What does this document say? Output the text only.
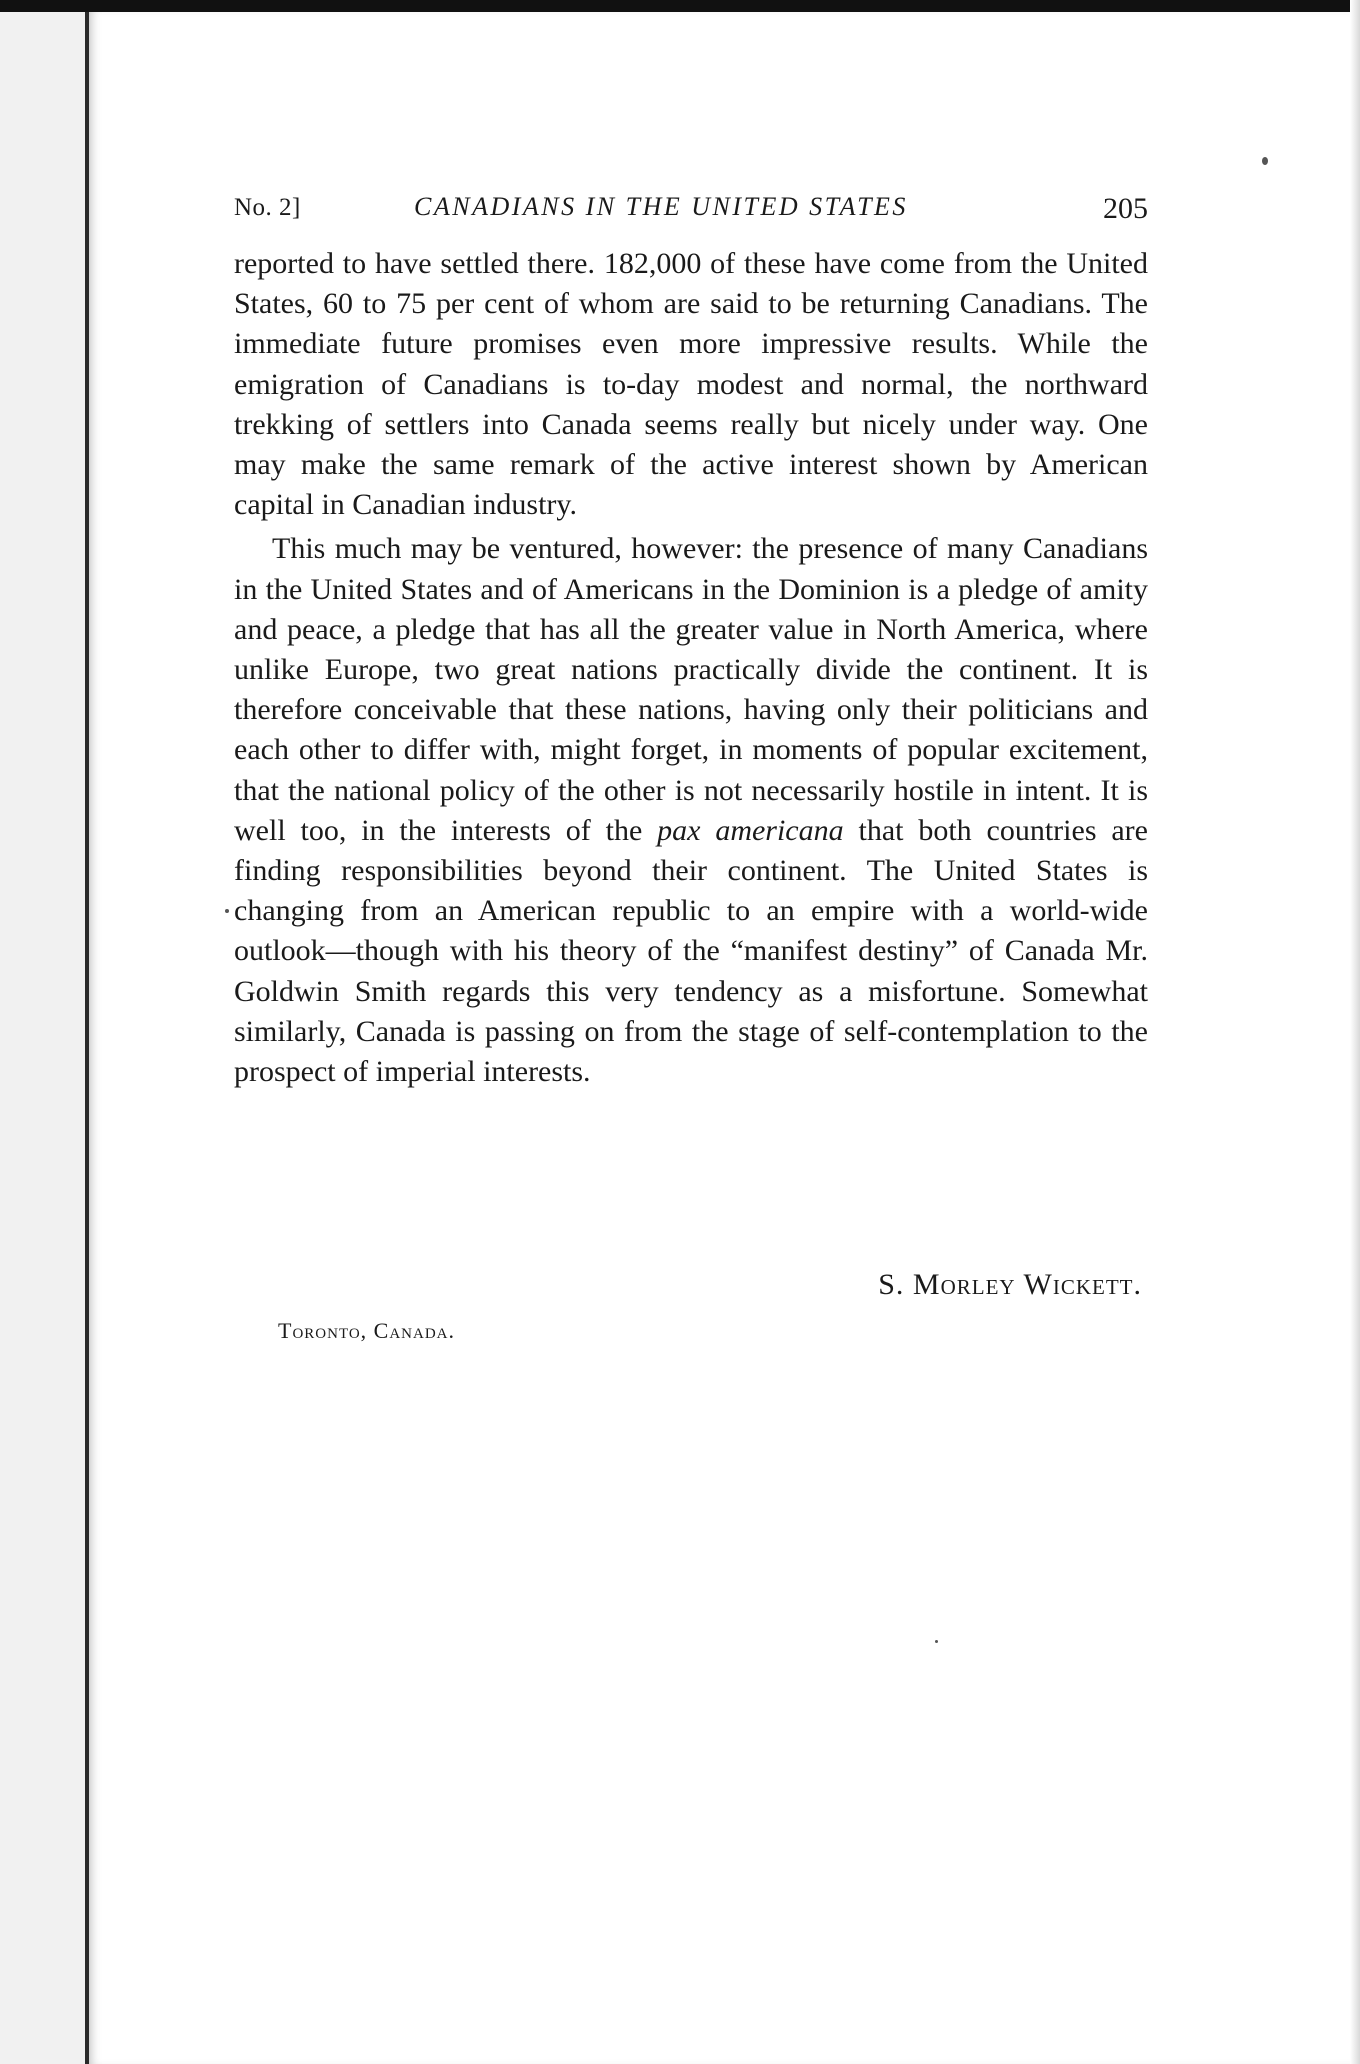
No. 2]	CANADIANS IN THE UNITED STATES	205

reported to have settled there. 182,000 of these have come from the United States, 60 to 75 per cent of whom are said to be returning Canadians. The immediate future promises even more impressive results. While the emigration of Canadians is to-day modest and normal, the northward trekking of settlers into Canada seems really but nicely under way. One may make the same remark of the active interest shown by American capital in Canadian industry.

This much may be ventured, however: the presence of many Canadians in the United States and of Americans in the Dominion is a pledge of amity and peace, a pledge that has all the greater value in North America, where unlike Europe, two great nations practically divide the continent. It is therefore conceivable that these nations, having only their politicians and each other to differ with, might forget, in moments of popular excitement, that the national policy of the other is not necessarily hostile in intent. It is well too, in the interests of the pax americana that both countries are finding responsibilities beyond their continent. The United States is changing from an American republic to an empire with a world-wide outlook—though with his theory of the “manifest destiny” of Canada Mr. Goldwin Smith regards this very tendency as a misfortune. Somewhat similarly, Canada is passing on from the stage of self-contemplation to the prospect of imperial interests.

S. Morley Wickett.
Toronto, Canada.
